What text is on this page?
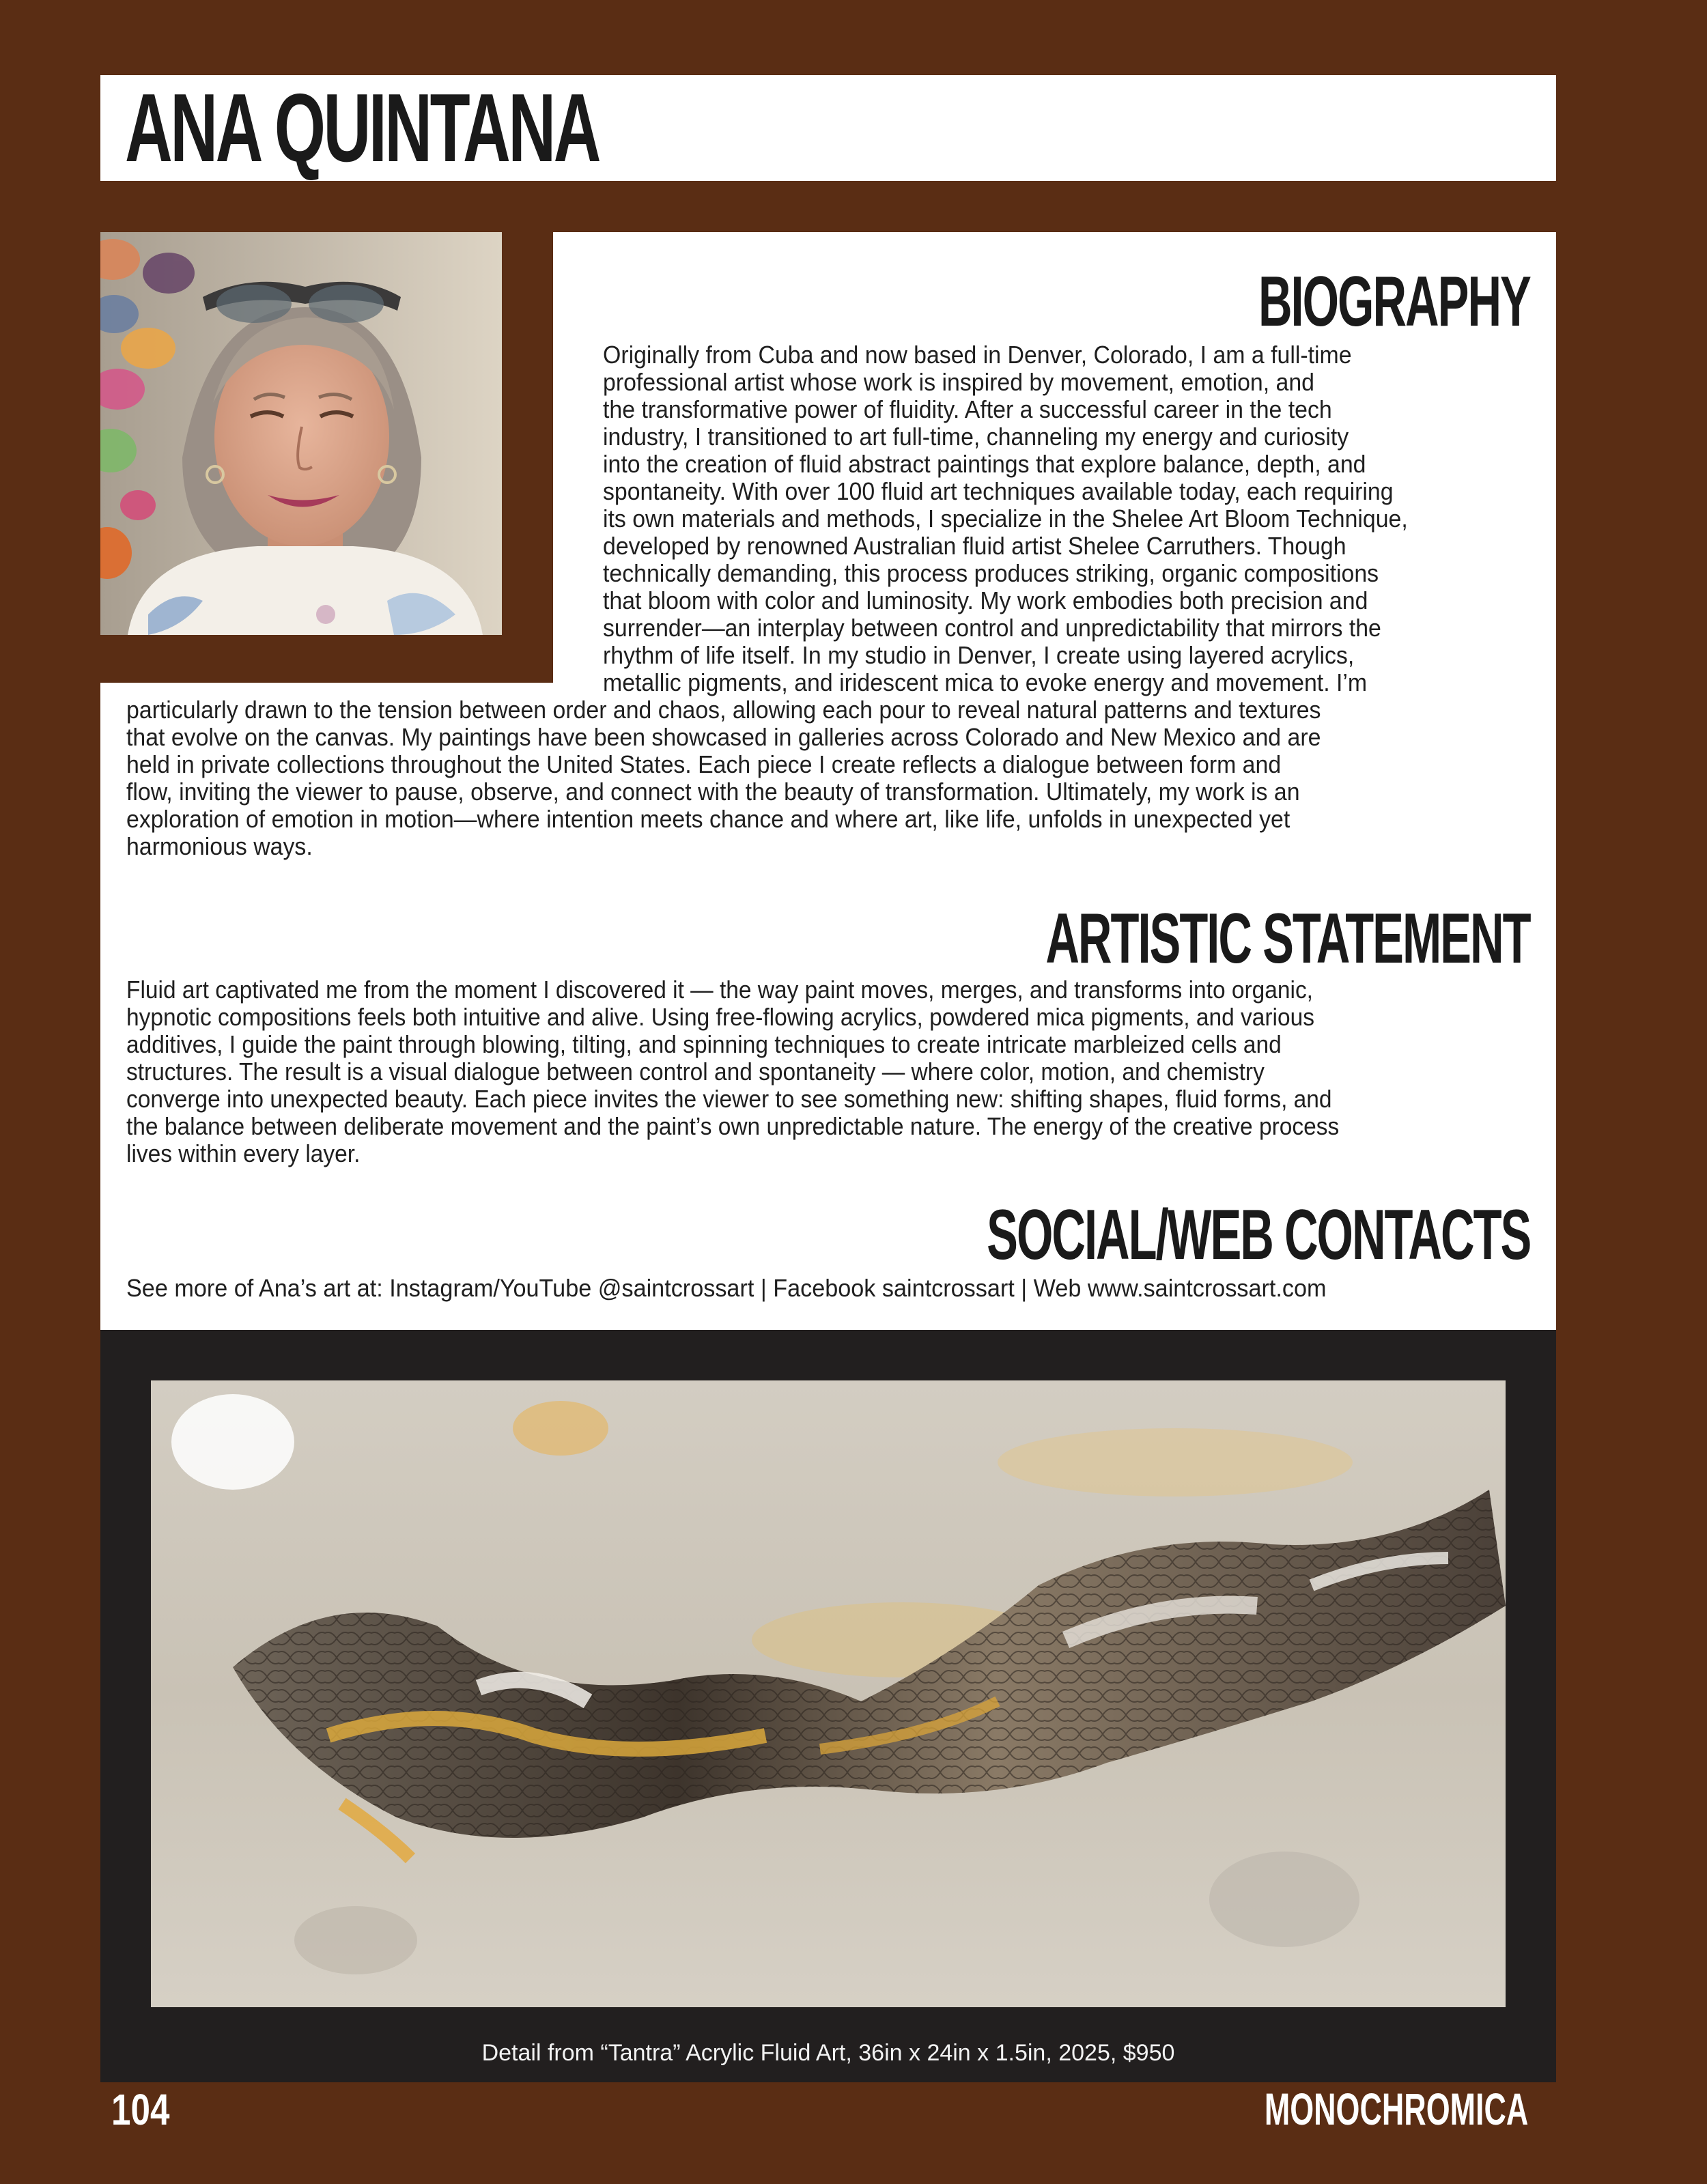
ANA QUINTANA
BIOGRAPHY
Originally from Cuba and now based in Denver, Colorado, I am a full-time
professional artist whose work is inspired by movement, emotion, and
the transformative power of fluidity. After a successful career in the tech
industry, I transitioned to art full-time, channeling my energy and curiosity
into the creation of fluid abstract paintings that explore balance, depth, and
spontaneity. With over 100 fluid art techniques available today, each requiring
its own materials and methods, I specialize in the Shelee Art Bloom Technique,
developed by renowned Australian fluid artist Shelee Carruthers. Though
technically demanding, this process produces striking, organic compositions
that bloom with color and luminosity. My work embodies both precision and
surrender—an interplay between control and unpredictability that mirrors the
rhythm of life itself. In my studio in Denver, I create using layered acrylics,
metallic pigments, and iridescent mica to evoke energy and movement. I’m
particularly drawn to the tension between order and chaos, allowing each pour to reveal natural patterns and textures
that evolve on the canvas. My paintings have been showcased in galleries across Colorado and New Mexico and are
held in private collections throughout the United States. Each piece I create reflects a dialogue between form and
flow, inviting the viewer to pause, observe, and connect with the beauty of transformation. Ultimately, my work is an
exploration of emotion in motion—where intention meets chance and where art, like life, unfolds in unexpected yet
harmonious ways.
ARTISTIC STATEMENT
Fluid art captivated me from the moment I discovered it — the way paint moves, merges, and transforms into organic,
hypnotic compositions feels both intuitive and alive. Using free-flowing acrylics, powdered mica pigments, and various
additives, I guide the paint through blowing, tilting, and spinning techniques to create intricate marbleized cells and
structures. The result is a visual dialogue between control and spontaneity — where color, motion, and chemistry
converge into unexpected beauty. Each piece invites the viewer to see something new: shifting shapes, fluid forms, and
the balance between deliberate movement and the paint’s own unpredictable nature. The energy of the creative process
lives within every layer.
SOCIAL/WEB CONTACTS
See more of Ana’s art at: Instagram/YouTube @saintcrossart | Facebook saintcrossart | Web www.saintcrossart.com
Detail from “Tantra” Acrylic Fluid Art, 36in x 24in x 1.5in, 2025, $950
104	MONOCHROMICA
